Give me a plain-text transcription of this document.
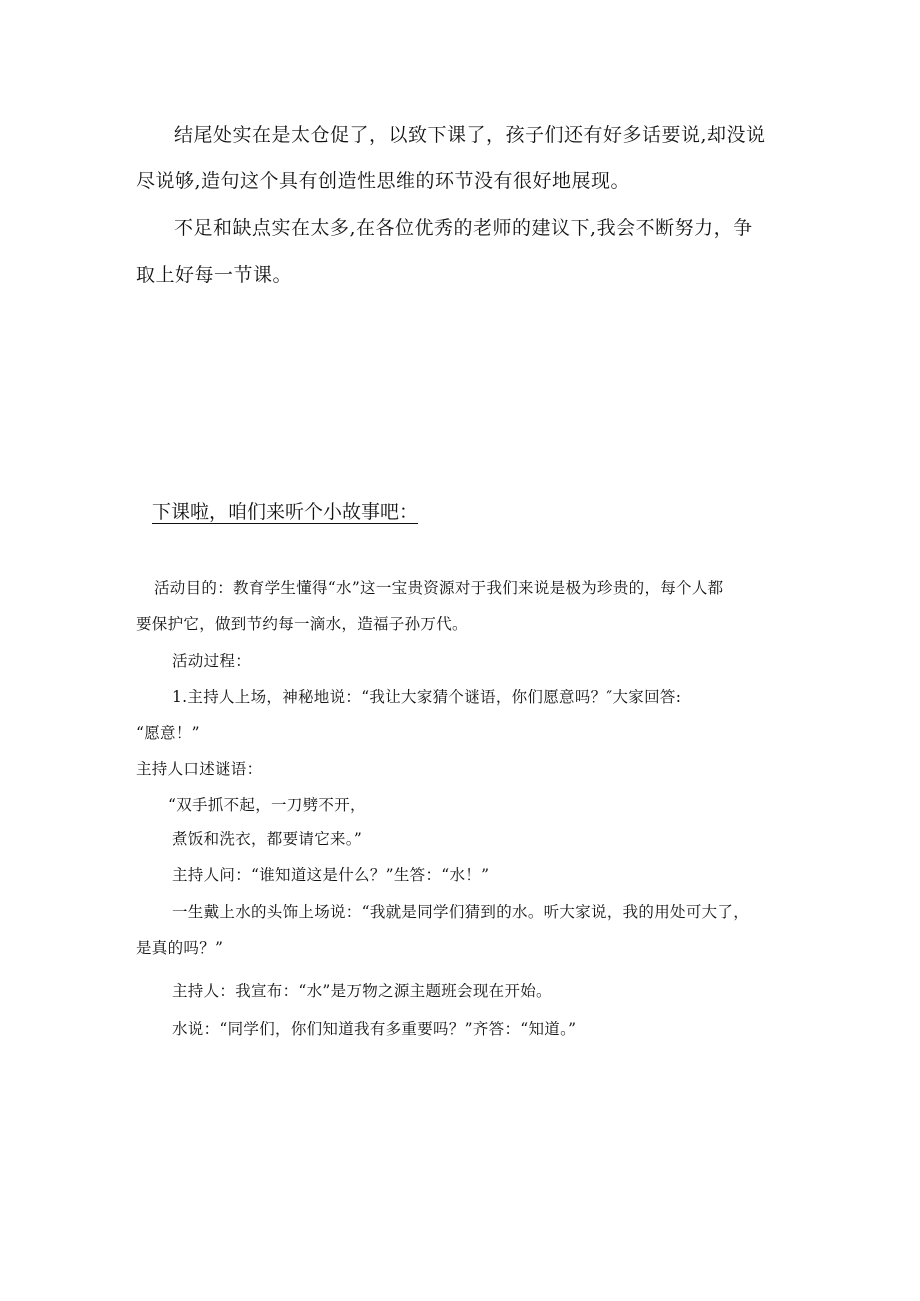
结尾处实在是太仓促了，以致下课了，孩子们还有好多话要说,却没说
尽说够,造句这个具有创造性思维的环节没有很好地展现。
不足和缺点实在太多,在各位优秀的老师的建议下,我会不断努力，争
取上好每一节课。
下课啦，咱们来听个小故事吧：
活动目的：教育学生懂得“水”这一宝贵资源对于我们来说是极为珍贵的，每个人都
要保护它，做到节约每一滴水，造福子孙万代。
活动过程：
1.主持人上场，神秘地说：“我让大家猜个谜语，你们愿意吗？″大家回答:
“愿意！”
主持人口述谜语：
“双手抓不起，一刀劈不开，
煮饭和洗衣，都要请它来。”
主持人问：“谁知道这是什么？”生答：“水！”
一生戴上水的头饰上场说：“我就是同学们猜到的水。听大家说，我的用处可大了，
是真的吗？”
主持人：我宣布：“水”是万物之源主题班会现在开始。
水说：“同学们，你们知道我有多重要吗？”齐答：“知道。”
